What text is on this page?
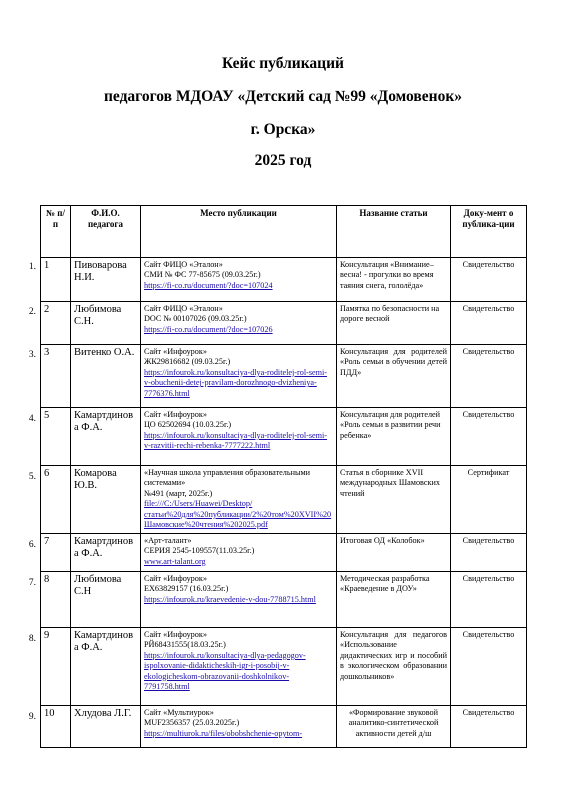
Кейс публикаций
педагогов МДОАУ «Детский сад №99 «Домовенок»
г. Орска»
2025 год
1.
2.
3.
4.
5.
6.
7.
8.
9.
№ п/п	Ф.И.О. педагога	Место публикации	Название статьи	Доку-мент о публика-ции
1	Пивоварова Н.И.	Сайт ФИЦО «Эталон»
СМИ № ФС 77-85675 (09.03.25г.)
https://fi-co.ru/document/?doc=107024	Консультация «Внимание–весна! - прогулки во время таяния снега, гололёда»	Свидетельство
2	Любимова С.Н.	Сайт ФИЦО «Эталон»
DOC № 00107026 (09.03.25г.)
https://fi-co.ru/document/?doc=107026	Памятка по безопасности на дороге весной	Свидетельство
3	Витенко О.А.	Сайт «Инфоурок»
ЖК29816682 (09.03.25г.)
https://infourok.ru/konsultaciya-dlya-roditelej-rol-semi-v-obuchenii-detej-pravilam-dorozhnogo-dvizheniya-7776376.html	Консультация для родителей «Роль семьи в обучении детей ПДД»	Свидетельство
5	Камартдинова Ф.А.	Сайт «Инфоурок»
ЦО 62502694 (10.03.25г.)
https://infourok.ru/konsultaciya-dlya-roditelej-rol-semi-v-razvitii-rechi-rebenka-7777222.html	Консультация для родителей «Роль семьи в развитии речи ребенка»	Свидетельство
6	Комарова Ю.В.	«Научная школа управления образовательными системами»
№491 (март, 2025г.)
file:///C:/Users/Huawei/Desktop/статьи%20для%20публикации/2%20том%20XVII%20Шамовские%20чтения%202025.pdf	Статья в сборнике XVII международных Шамовских чтений	Сертификат
7	Камартдинова Ф.А.	«Арт-талант»
СЕРИЯ 2545-109557(11.03.25г.)
www.art-talant.org	Итоговая ОД «Колобок»	Свидетельство
8	Любимова С.Н	Сайт «Инфоурок»
ЕХ63829157 (16.03.25г.)
https://infourok.ru/kraevedenie-v-dou-7788715.html	Методическая разработка «Краеведение в ДОУ»	Свидетельство
9	Камартдинова Ф.А.	Сайт «Инфоурок»
РЙ68431555(18.03.25г.)
https://infourok.ru/konsultaciya-dlya-pedagogov-ispolxovanie-didakticheskih-igr-i-posobij-v-ekologicheskom-obrazovanii-doshkolnikov-7791758.html	Консультация для педагогов «Использование дидактических игр и пособий в экологическом образовании дошкольников»	Свидетельство
10	Хлудова Л.Г.	Сайт «Мультиурок»
MUF2356357 (25.03.2025г.)
https://multiurok.ru/files/obobshchenie-opytom-	«Формирование звуковой аналитико-синтетической активности детей д/ш	Свидетельство
